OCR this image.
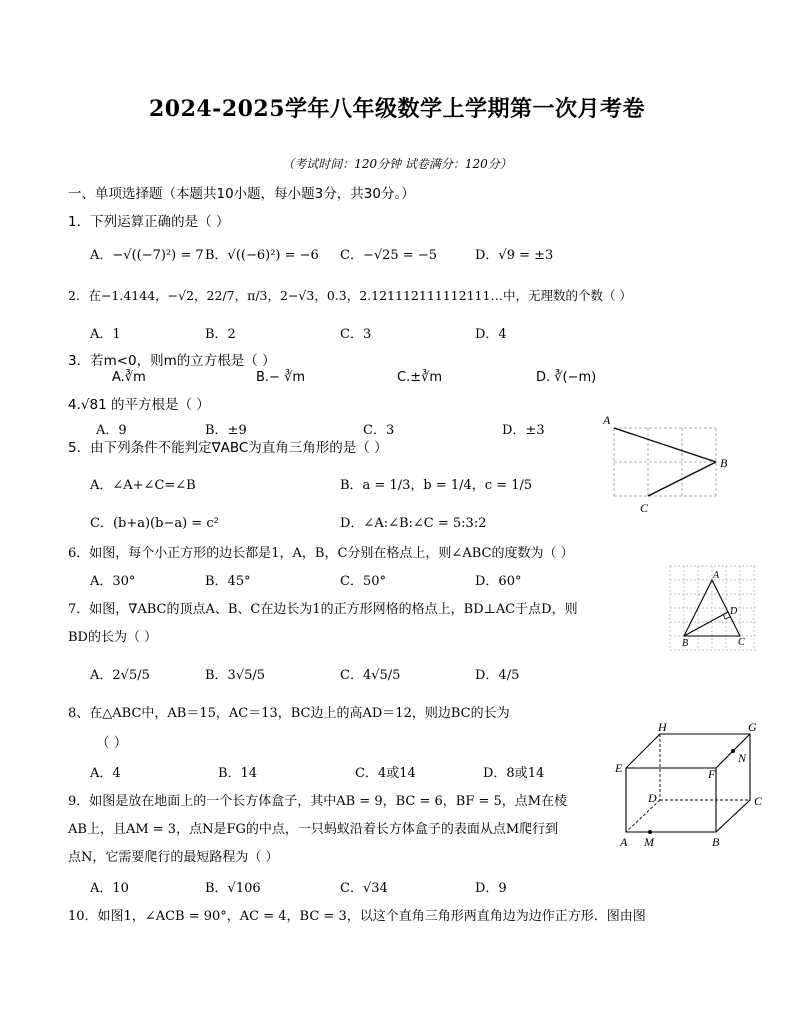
2024-2025学年八年级数学上学期第一次月考卷
（考试时间：120分钟 试卷满分：120分）
一、单项选择题（本题共10小题，每小题3分，共30分。）
1．下列运算正确的是（ ）
A．−√((−7)²) = 7 B．√((−6)²) = −6 C．−√25 = −5	D．√9 = ±3
2．在−1.4144，−√2，22/7，π/3，2−√3，0.3̇，2.121112111112111…中，无理数的个数（ ）
A．1	B．2	C．3	D．4
3．若m<0，则m的立方根是（ ）
A.∛m	B.− ∛m	C.±∛m	D. ∛(−m)
4.√81 的平方根是（ ）
A．9	B．±9	C．3	D．±3
5．由下列条件不能判定∇ABC为直角三角形的是（ ）
A．∠A+∠C=∠B	B．a = 1/3，b = 1/4，c = 1/5
C．(b+a)(b−a) = c²	D．∠A:∠B:∠C = 5:3:2
A
B
C
6．如图，每个小正方形的边长都是1，A，B，C分别在格点上，则∠ABC的度数为（ ）
A．30°	B．45°	C．50°	D．60°	A
B	C
D
7．如图，∇ABC的顶点A、B、C在边长为1的正方形网格的格点上，BD⊥AC于点D，则
BD的长为（ ）
A．2√5/5	B．3√5/5	C．4√5/5	D．4/5
8、在△ABC中，AB＝15，AC＝13，BC边上的高AD＝12，则边BC的长为
（ ）
A．4	B．14	C．4或14	D．8或14
H	G
E	F
N
D	C
A M	B
9．如图是放在地面上的一个长方体盒子，其中AB = 9，BC = 6，BF = 5，点M在棱
AB上，且AM = 3，点N是FG的中点，一只蚂蚁沿着长方体盒子的表面从点M爬行到
点N，它需要爬行的最短路程为（ ）
A．10	B．√106	C．√34	D．9
10．如图1，∠ACB = 90°，AC = 4，BC = 3，以这个直角三角形两直角边为边作正方形．图由图
